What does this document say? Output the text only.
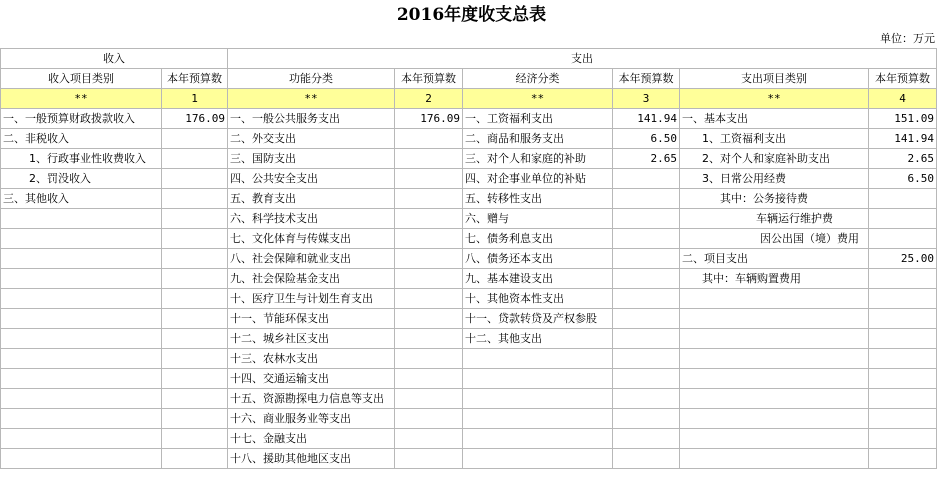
2016年度收支总表
单位：万元
收入		支出					
收入项目类别	本年预算数	功能分类	本年预算数	经济分类	本年预算数	支出项目类别	本年预算数
**	1	**	2	**	3	**	4
一、一般预算财政拨款收入	176.09	一、一般公共服务支出	176.09	一、工资福利支出	141.94	一、基本支出	151.09
二、非税收入		二、外交支出		二、商品和服务支出	6.50	1、工资福利支出	141.94
1、行政事业性收费收入		三、国防支出		三、对个人和家庭的补助	2.65	2、对个人和家庭补助支出	2.65
2、罚没收入		四、公共安全支出		四、对企事业单位的补贴		3、日常公用经费	6.50
三、其他收入		五、教育支出		五、转移性支出		其中：公务接待费	
		六、科学技术支出		六、赠与		车辆运行维护费	
		七、文化体育与传媒支出		七、债务利息支出		因公出国（境）费用	
		八、社会保障和就业支出		八、债务还本支出		二、项目支出	25.00
		九、社会保险基金支出		九、基本建设支出		其中：车辆购置费用	
		十、医疗卫生与计划生育支出		十、其他资本性支出			
		十一、节能环保支出		十一、贷款转贷及产权参股			
		十二、城乡社区支出		十二、其他支出			
		十三、农林水支出					
		十四、交通运输支出					
		十五、资源勘探电力信息等支出					
		十六、商业服务业等支出					
		十七、金融支出					
		十八、援助其他地区支出					
